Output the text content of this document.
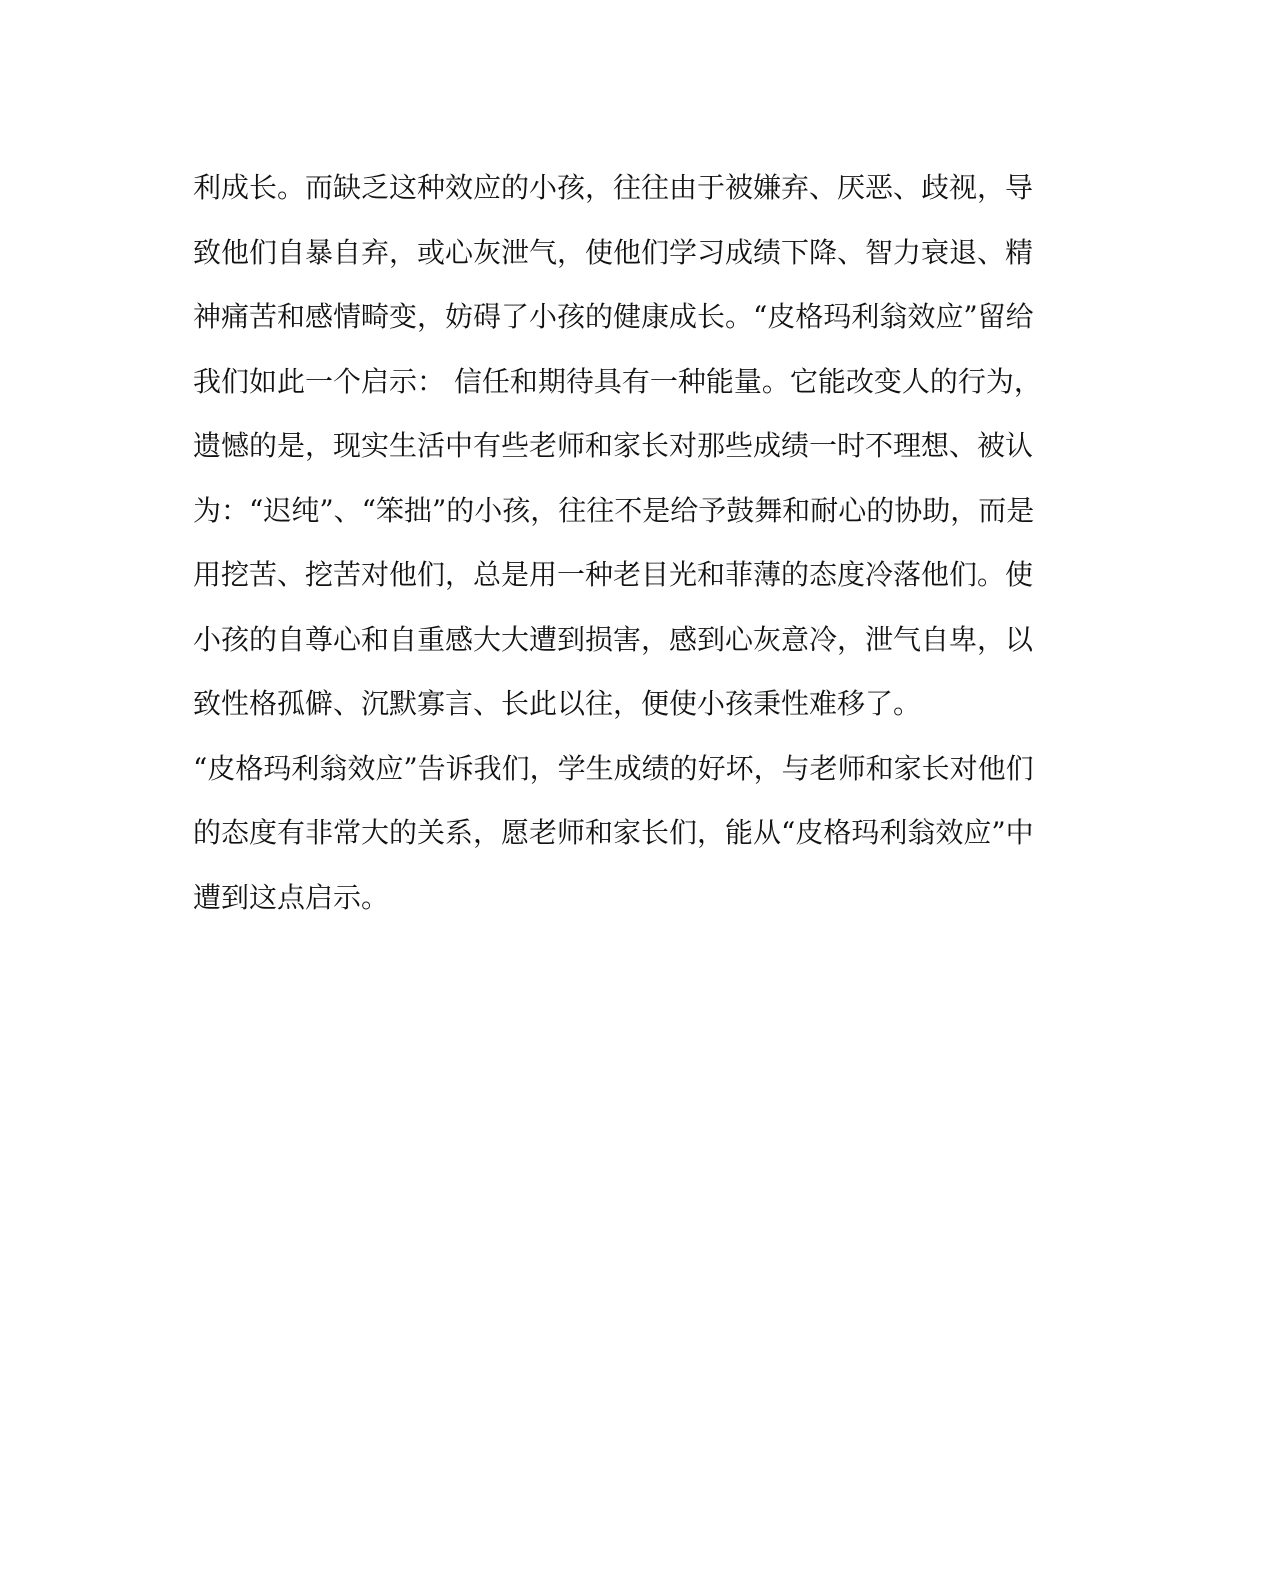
利成长。而缺乏这种效应的小孩，往往由于被嫌弃、厌恶、歧视，导
致他们自暴自弃，或心灰泄气，使他们学习成绩下降、智力衰退、精
神痛苦和感情畸变，妨碍了小孩的健康成长。“皮格玛利翁效应”留给
我们如此一个启示： 信任和期待具有一种能量。它能改变人的行为，
遗憾的是，现实生活中有些老师和家长对那些成绩一时不理想、被认
为：“迟纯”、“笨拙”的小孩，往往不是给予鼓舞和耐心的协助，而是
用挖苦、挖苦对他们，总是用一种老目光和菲薄的态度冷落他们。使
小孩的自尊心和自重感大大遭到损害，感到心灰意冷，泄气自卑，以
致性格孤僻、沉默寡言、长此以往，便使小孩秉性难移了。
“皮格玛利翁效应”告诉我们，学生成绩的好坏，与老师和家长对他们
的态度有非常大的关系，愿老师和家长们，能从“皮格玛利翁效应”中
遭到这点启示。
